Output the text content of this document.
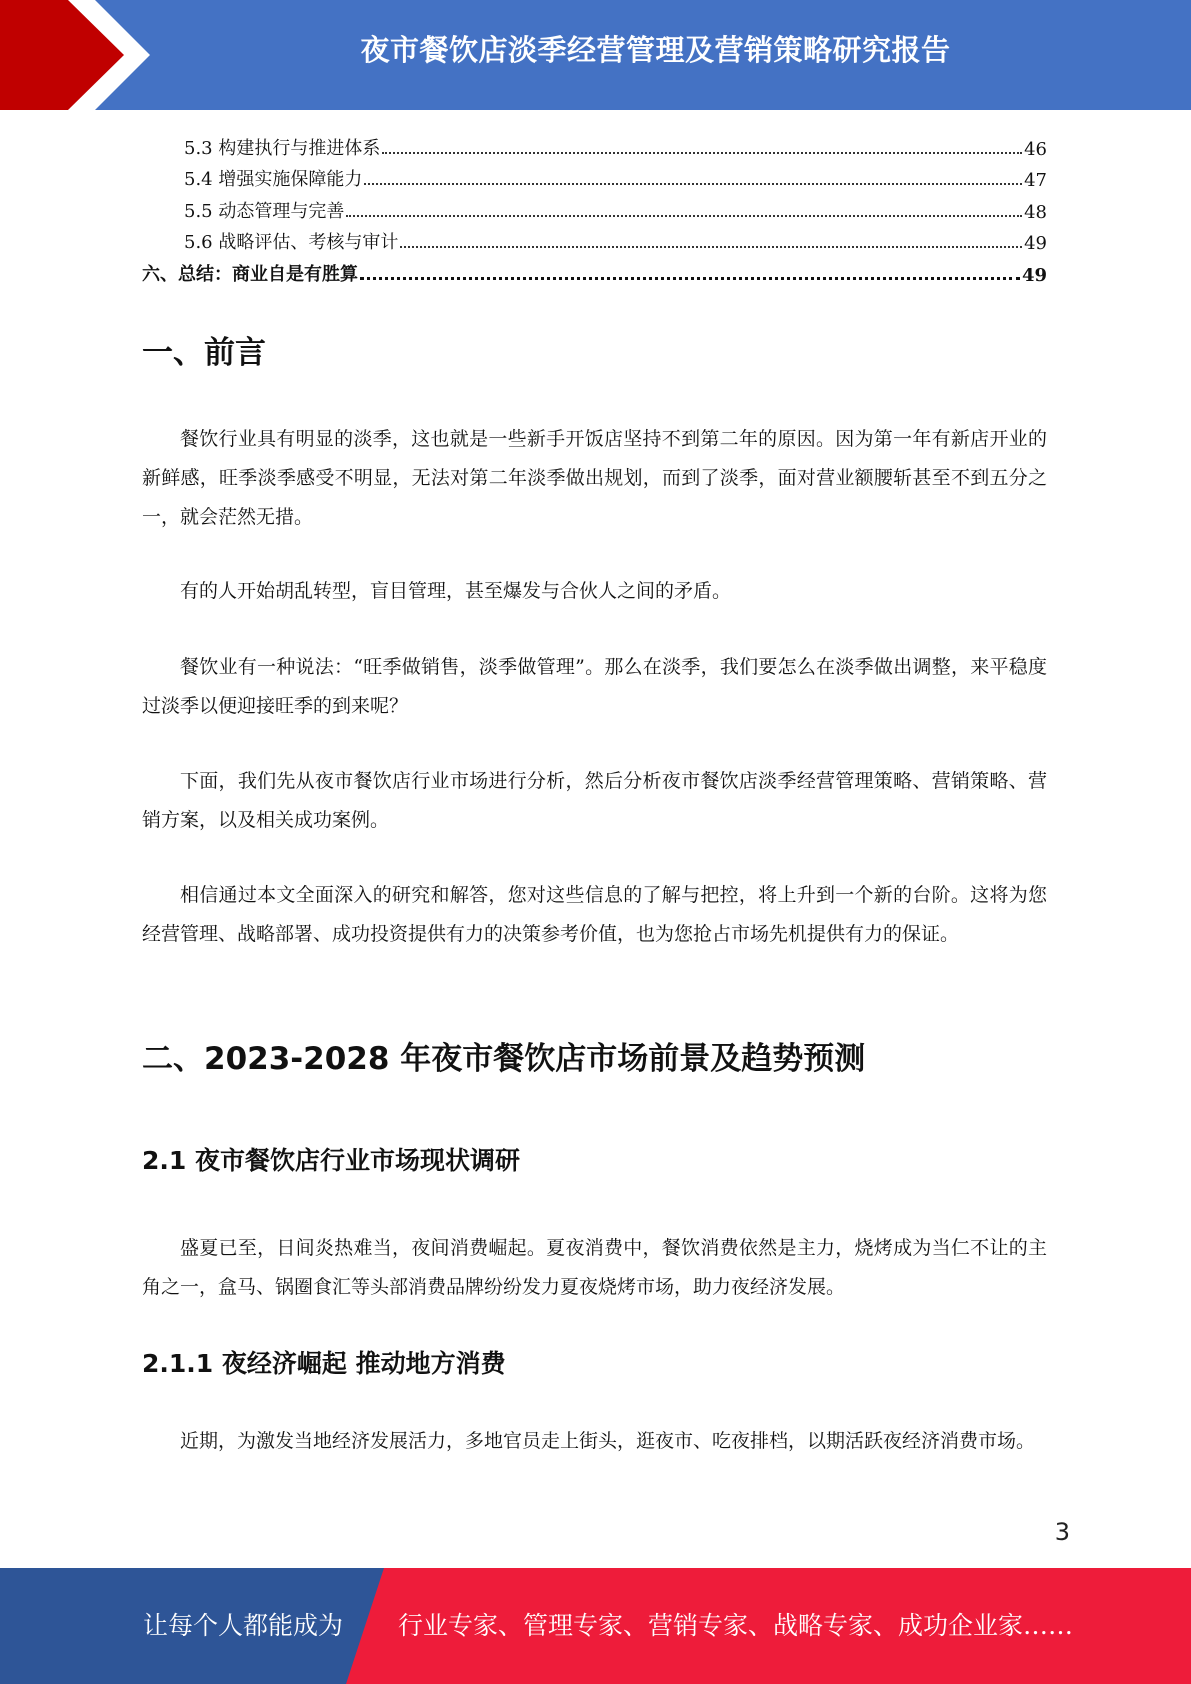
夜市餐饮店淡季经营管理及营销策略研究报告
5.3 构建执行与推进体系	46
5.4 增强实施保障能力	47
5.5 动态管理与完善	48
5.6 战略评估、考核与审计	49
六、总结：商业自是有胜算	49
一、前言

餐饮行业具有明显的淡季，这也就是一些新手开饭店坚持不到第二年的原因。因为第一年有新店开业的新鲜感，旺季淡季感受不明显，无法对第二年淡季做出规划，而到了淡季，面对营业额腰斩甚至不到五分之一，就会茫然无措。

有的人开始胡乱转型，盲目管理，甚至爆发与合伙人之间的矛盾。

餐饮业有一种说法：“旺季做销售，淡季做管理”。那么在淡季，我们要怎么在淡季做出调整，来平稳度过淡季以便迎接旺季的到来呢？

下面，我们先从夜市餐饮店行业市场进行分析，然后分析夜市餐饮店淡季经营管理策略、营销策略、营销方案，以及相关成功案例。

相信通过本文全面深入的研究和解答，您对这些信息的了解与把控，将上升到一个新的台阶。这将为您经营管理、战略部署、成功投资提供有力的决策参考价值，也为您抢占市场先机提供有力的保证。

二、2023-2028 年夜市餐饮店市场前景及趋势预测
2.1 夜市餐饮店行业市场现状调研

盛夏已至，日间炎热难当，夜间消费崛起。夏夜消费中，餐饮消费依然是主力，烧烤成为当仁不让的主角之一，盒马、锅圈食汇等头部消费品牌纷纷发力夏夜烧烤市场，助力夜经济发展。

2.1.1 夜经济崛起 推动地方消费

近期，为激发当地经济发展活力，多地官员走上街头，逛夜市、吃夜排档，以期活跃夜经济消费市场。

3
让每个人都能成为 行业专家、管理专家、营销专家、战略专家、成功企业家……
